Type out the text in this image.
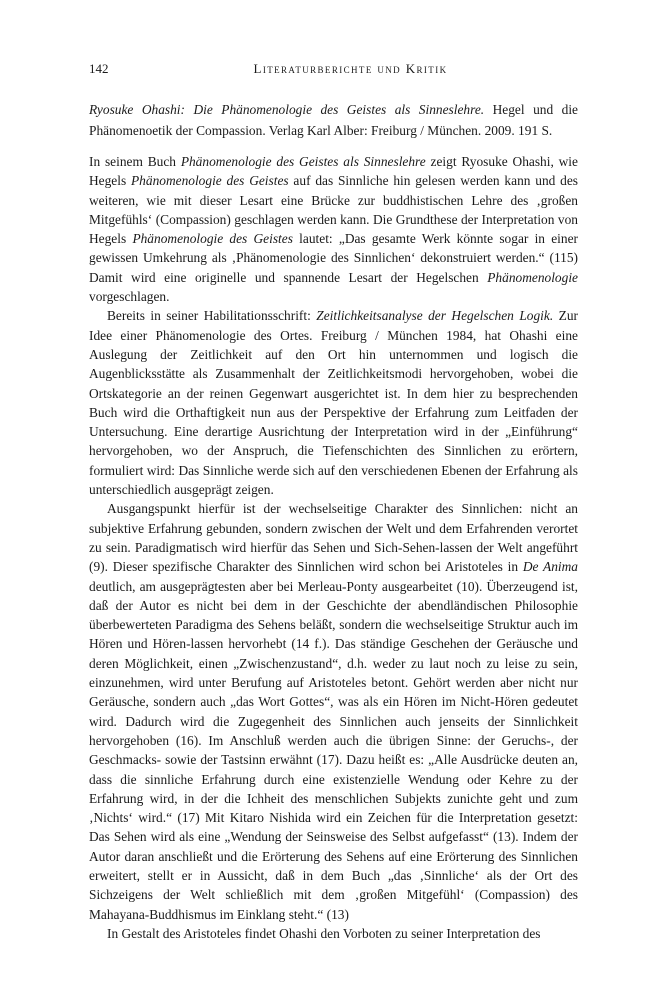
142	Literaturberichte und Kritik
Ryosuke Ohashi: Die Phänomenologie des Geistes als Sinneslehre. Hegel und die Phänomenoetik der Compassion. Verlag Karl Alber: Freiburg / München. 2009. 191 S.

In seinem Buch Phänomenologie des Geistes als Sinneslehre zeigt Ryosuke Ohashi, wie Hegels Phänomenologie des Geistes auf das Sinnliche hin gelesen werden kann und des weiteren, wie mit dieser Lesart eine Brücke zur buddhistischen Lehre des ‚großen Mitgefühls‘ (Compassion) geschlagen werden kann. Die Grundthese der Interpretation von Hegels Phänomenologie des Geistes lautet: „Das gesamte Werk könnte sogar in einer gewissen Umkehrung als ‚Phänomenologie des Sinnlichen‘ dekonstruiert werden.“ (115) Damit wird eine originelle und spannende Lesart der Hegelschen Phänomenologie vorgeschlagen.

Bereits in seiner Habilitationsschrift: Zeitlichkeitsanalyse der Hegelschen Logik. Zur Idee einer Phänomenologie des Ortes. Freiburg / München 1984, hat Ohashi eine Auslegung der Zeitlichkeit auf den Ort hin unternommen und logisch die Augenblicksstätte als Zusammenhalt der Zeitlichkeitsmodi hervorgehoben, wobei die Ortskategorie an der reinen Gegenwart ausgerichtet ist. In dem hier zu besprechenden Buch wird die Orthaftigkeit nun aus der Perspektive der Erfahrung zum Leitfaden der Untersuchung. Eine derartige Ausrichtung der Interpretation wird in der „Einführung“ hervorgehoben, wo der Anspruch, die Tiefenschichten des Sinnlichen zu erörtern, formuliert wird: Das Sinnliche werde sich auf den verschiedenen Ebenen der Erfahrung als unterschiedlich ausgeprägt zeigen.

Ausgangspunkt hierfür ist der wechselseitige Charakter des Sinnlichen: nicht an subjektive Erfahrung gebunden, sondern zwischen der Welt und dem Erfahrenden verortet zu sein. Paradigmatisch wird hierfür das Sehen und Sich-Sehen-lassen der Welt angeführt (9). Dieser spezifische Charakter des Sinnlichen wird schon bei Aristoteles in De Anima deutlich, am ausgeprägtesten aber bei Merleau-Ponty ausgearbeitet (10). Überzeugend ist, daß der Autor es nicht bei dem in der Geschichte der abendländischen Philosophie überbewerteten Paradigma des Sehens beläßt, sondern die wechselseitige Struktur auch im Hören und Hören-lassen hervorhebt (14 f.). Das ständige Geschehen der Geräusche und deren Möglichkeit, einen „Zwischenzustand“, d.h. weder zu laut noch zu leise zu sein, einzunehmen, wird unter Berufung auf Aristoteles betont. Gehört werden aber nicht nur Geräusche, sondern auch „das Wort Gottes“, was als ein Hören im Nicht-Hören gedeutet wird. Dadurch wird die Zugegenheit des Sinnlichen auch jenseits der Sinnlichkeit hervorgehoben (16). Im Anschluß werden auch die übrigen Sinne: der Geruchs-, der Geschmacks- sowie der Tastsinn erwähnt (17). Dazu heißt es: „Alle Ausdrücke deuten an, dass die sinnliche Erfahrung durch eine existenzielle Wendung oder Kehre zu der Erfahrung wird, in der die Ichheit des menschlichen Subjekts zunichte geht und zum ‚Nichts‘ wird.“ (17) Mit Kitaro Nishida wird ein Zeichen für die Interpretation gesetzt: Das Sehen wird als eine „Wendung der Seinsweise des Selbst aufgefasst“ (13). Indem der Autor daran anschließt und die Erörterung des Sehens auf eine Erörterung des Sinnlichen erweitert, stellt er in Aussicht, daß in dem Buch „das ‚Sinnliche‘ als der Ort des Sichzeigens der Welt schließlich mit dem ‚großen Mitgefühl‘ (Compassion) des Mahayana-Buddhismus im Einklang steht.“ (13)

In Gestalt des Aristoteles findet Ohashi den Vorboten zu seiner Interpretation des
